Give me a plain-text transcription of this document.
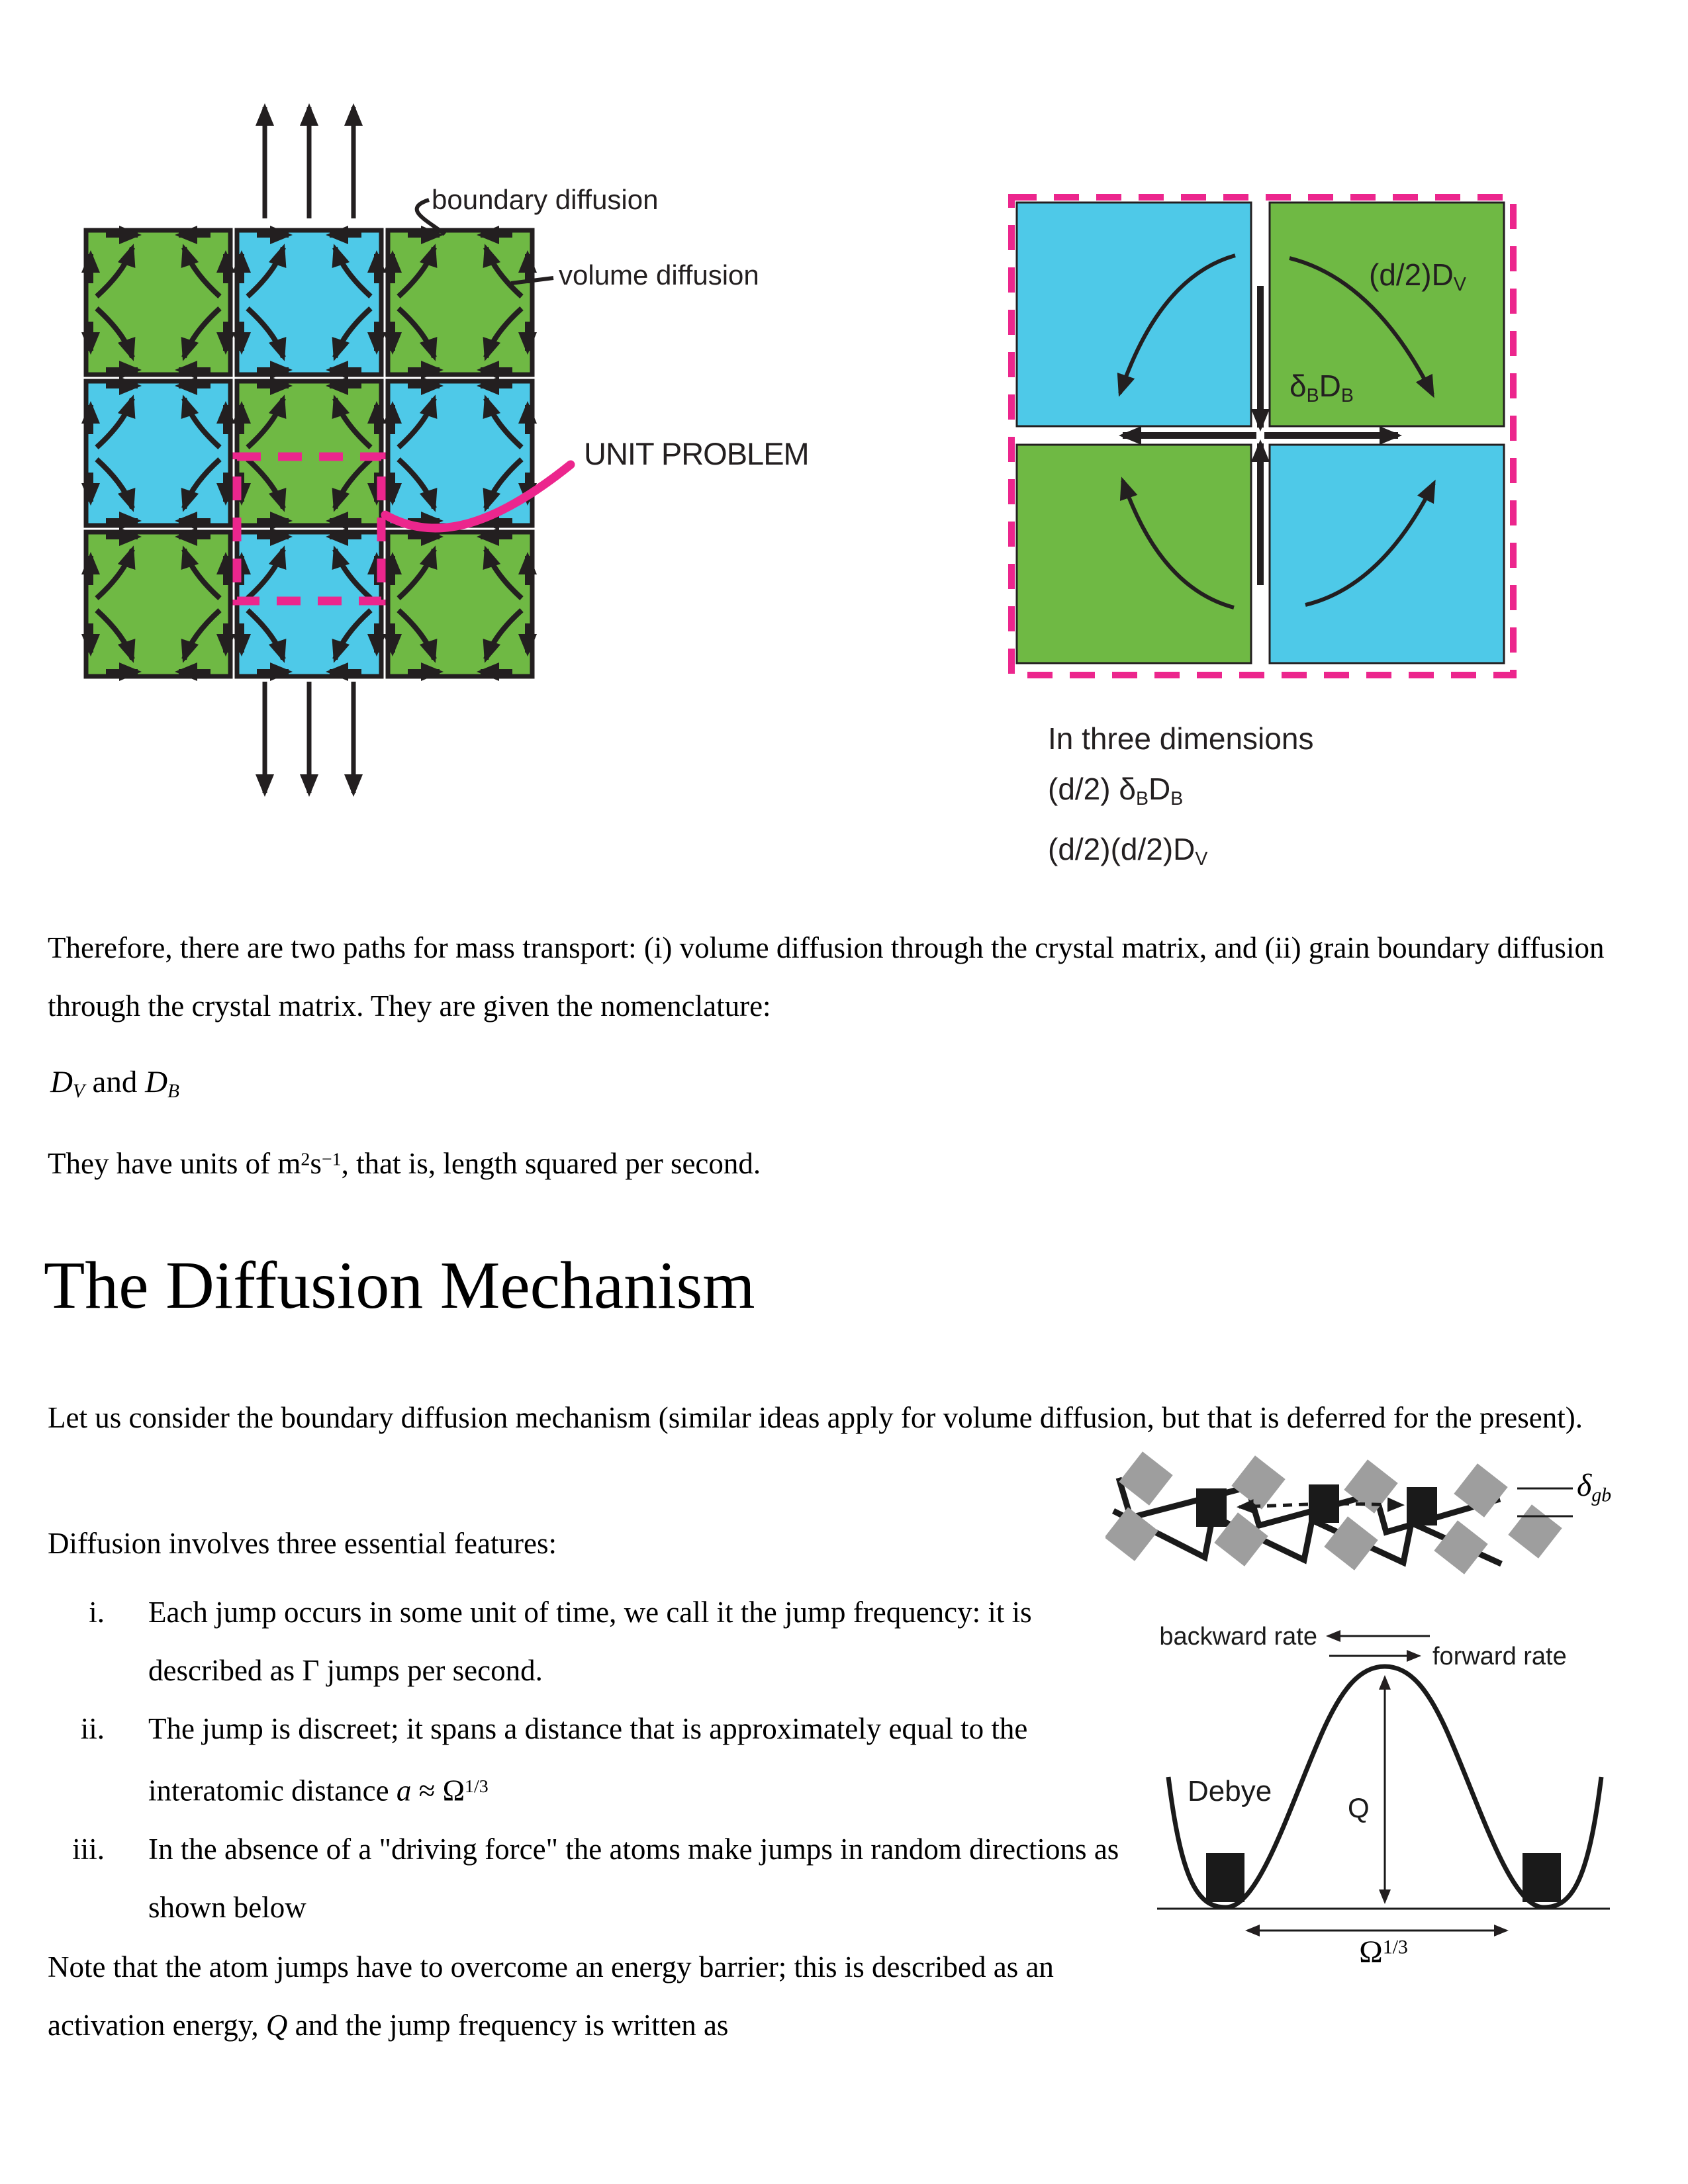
boundary diffusion
volume diffusion
UNIT PROBLEM
$(d/2)D_V$
$\delta_BD_B$
In three dimensions
(d/2) $\delta_BD_B$
$(d/2)(d/2)D_V$
Therefore, there are two paths for mass transport: (i) volume diffusion through the crystal matrix, and (ii) grain boundary diffusion through the crystal matrix. They are given the nomenclature:
$D_V$ and $D_B$
They have units of $m^2s^{-1}$, that is, length squared per second.
The Diffusion Mechanism
Let us consider the boundary diffusion mechanism (similar ideas apply for volume diffusion, but that is deferred for the present).
Diffusion involves three essential features:
i. Each jump occurs in some unit of time, we call it the jump frequency: it is described as Γ jumps per second.
ii. The jump is discreet; it spans a distance that is approximately equal to the interatomic distance $a \approx \Omega^{1/3}$
iii. In the absence of a "driving force" the atoms make jumps in random directions as shown below
Note that the atom jumps have to overcome an energy barrier; this is described as an activation energy, Q and the jump frequency is written as
$\delta_{gb}$
backward rate
forward rate
Debye
Q
$\Omega^{1/3}$
